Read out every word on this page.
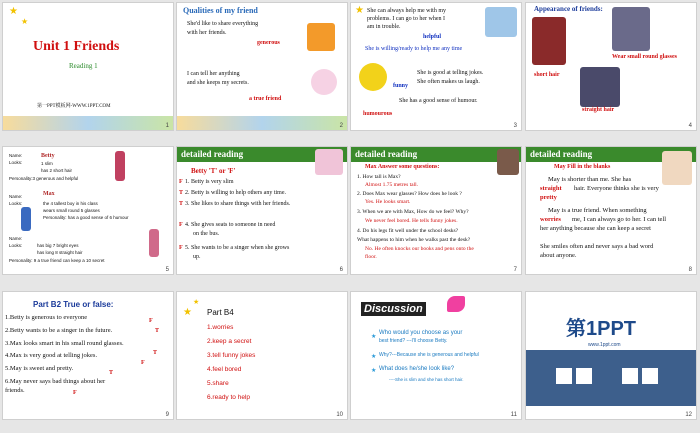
★
★
Unit 1 Friends
Reading 1
第一PPT模板网-WWW.1PPT.COM
1
Qualities of my friend
She'd like to share everything
with her friends.
generous
I can tell her anything
and she keeps my secrets.
a true friend
2
★ She can always help me with my
problems. I can go to her when I
am in trouble.
helpful
She is willing/ready to help me any time
funny
She is good at telling jokes.
She often makes us laugh.
She has a good sense of humour.
humourous
3
Appearance of friends:
Wear small round glasses
short hair
straight hair
4
Betty
Name:
Looks:	1 slim
has 2 short hair
Personality:3 generous and helpful
Max
Name:
Looks:	the 4 tallest boy in his class
wears small round 5 glasses
Personality: has a good sense of 6 humour
Name:
Looks:	has big 7 bright eyes
has long 8 straight hair
Personality: 9 a true friend can keep a 10 secret
5
detailed reading
Betty 'T' or 'F'
F 1. Betty is very slim
T 2. Betty is willing to help others any time.
T 3. She likes to share things with her friends.
F 4. She gives seats to someone in need
on the bus.
F 5. She wants to be a singer when she grows
up.
6
detailed reading
Max Answer some questions:
1. How tall is Max?
Almost 1.75 metres tall.
2. Does Max wear glasses? How does he look ?
Yes. He looks smart.
3. When we are with Max, How do we feel? Why?
We never feel bored. He tells funny jokes.
4. Do his legs fit well under the school desks?
What happens to him when he walks past the desk?
No. He often knocks our books and pens onto the
floor.
7
detailed reading
May Fill in the blanks
May is shorter than me. She has
straight hair. Everyone thinks she is very
pretty
May is a true friend. When something
worries me, I can always go to her. I can tell
her anything because she can keep a secret
She smiles often and never says a bad word
about anyone.
8
Part B2 True or false:
1.Betty is generous to everyone	F
2.Betty wants to be a singer in the future.	T
3.Max looks smart in his small round glasses.
T
4.Max is very good at telling jokes.
F
5.May is sweet and pretty.
T
6.May never says bad things about her
friends.	F
9
★
★
Part B4
1.worries
2.keep a secret
3.tell funny jokes
4.feel bored
5.share
6.ready to help
10
Discussion
★
Who would you choose as your
best friend? ---I'll choose Betty.
★ Why?---Because she is generous and helpful
★ What does he/she look like?
----She is slim and she has short hair.
11
第1PPT
www.1ppt.com
12
